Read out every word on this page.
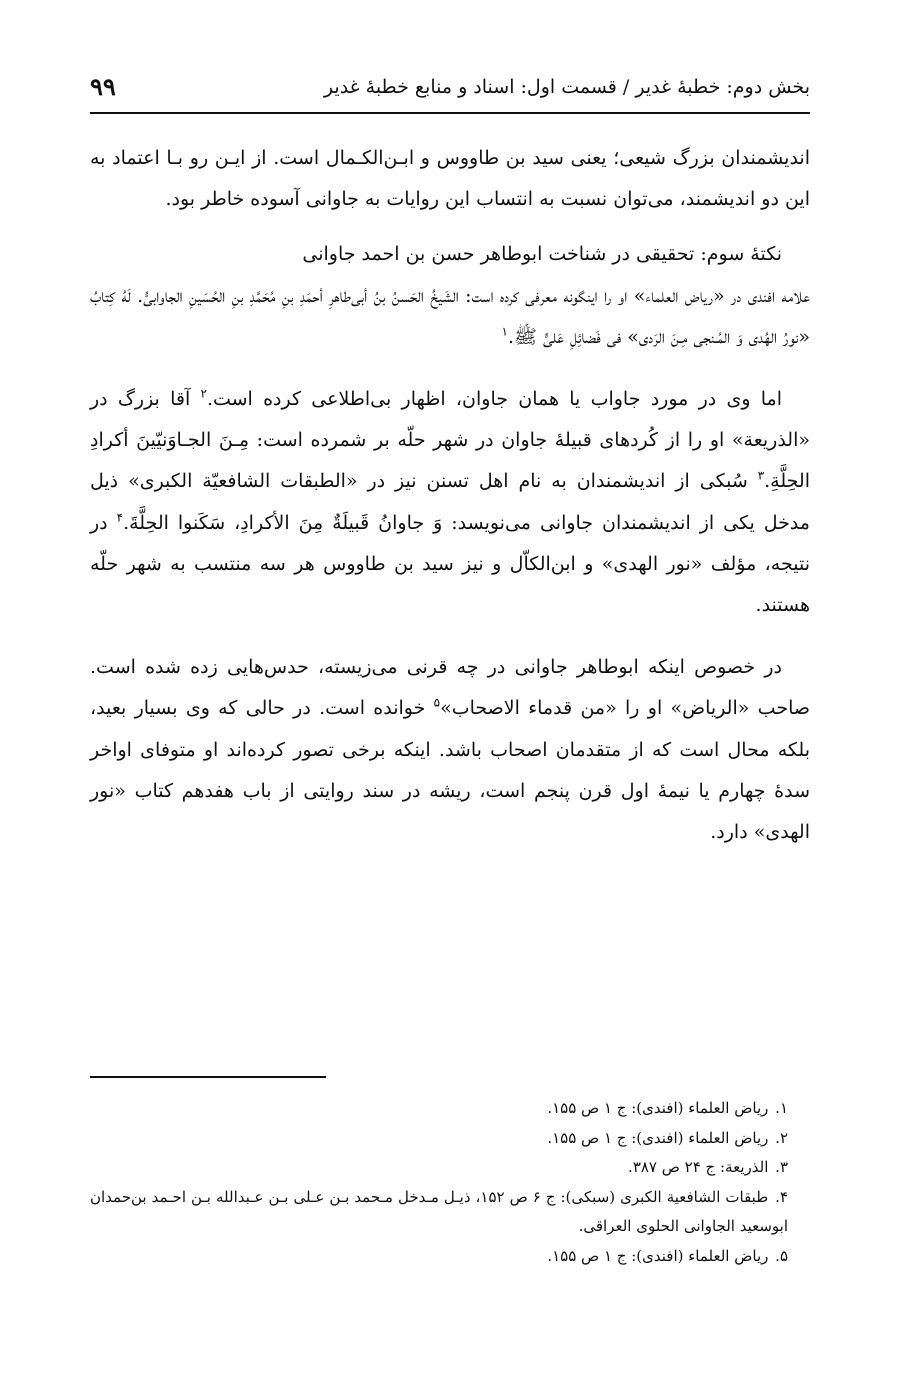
بخش دوم: خطبهٔ غدیر / قسمت اول: اسناد و منابع خطبهٔ غدیر
۹۹

اندیشمندان بزرگ شیعی؛ یعنی سید بن طاووس و ابـن‌الکـمال است. از ایـن رو بـا اعتماد به این دو اندیشمند، می‌توان نسبت به انتساب این روایات به جاوانی آسوده خاطر بود.

نکتهٔ سوم: تحقیقی در شناخت ابوطاهر حسن بن احمد جاوانی

علامه افندی در «ریاض العلماء» او را اینگونه معرفی کرده است: الشَیخُ الحَسنُ بنُ أبی‌طاهرِ أحمَدِ بنِ مُحَمَّدِ بنِ الحُسَینِ الجاوابیُّ. لَهُ کِتابُ «نورُ الهُدی وَ المُـنجی مِـنَ الرَدی» فی فَضائِلِ عَلیٍّ ﷺ.$^۱$

اما وی در مورد جاواب یا همان جاوان، اظهار بی‌اطلاعی کرده است.$^۲$ آقا بزرگ در «الذریعة» او را از کُردهای قبیلهٔ جاوان در شهر حلّه بر شمرده است: مِـنَ الجـاوَنیّینَ أکرادِ الحِلَّةِ.$^۳$ سُبکی از اندیشمندان به نام اهل تسنن نیز در «الطبقات الشافعیّة الکبری» ذیل مدخل یکی از اندیشمندان جاوانی می‌نویسد: وَ جاوانُ قَبیلَةٌ مِنَ الأکرادِ، سَکَنوا الحِلَّةَ.$^۴$ در نتیجه، مؤلف «نور الهدی» و ابن‌الکاّل و نیز سید بن طاووس هر سه منتسب به شهر حلّه هستند.

در خصوص اینکه ابوطاهر جاوانی در چه قرنی می‌زیسته، حدس‌هایی زده شده است. صاحب «الریاض» او را «من قدماء الاصحاب»$^۵$ خوانده است. در حالی که وی بسیار بعید، بلکه محال است که از متقدمان اصحاب باشد. اینکه برخی تصور کرده‌اند او متوفای اواخر سدهٔ چهارم یا نیمهٔ اول قرن پنجم است، ریشه در سند روایتی از باب هفدهم کتاب «نور الهدی» دارد.

۱. ریاض العلماء (افندی): ج ۱ ص ۱۵۵.

۲. ریاض العلماء (افندی): ج ۱ ص ۱۵۵.

۳. الذریعة: ج ۲۴ ص ۳۸۷.

۴. طبقات الشافعیة الکبری (سبکی): ج ۶ ص ۱۵۲، ذیـل مـدخل مـحمد بـن عـلی بـن عـبدالله بـن احـمد بن‌حمدان ابوسعید الجاوانی الحلوی العراقی.

۵. ریاض العلماء (افندی): ج ۱ ص ۱۵۵.
